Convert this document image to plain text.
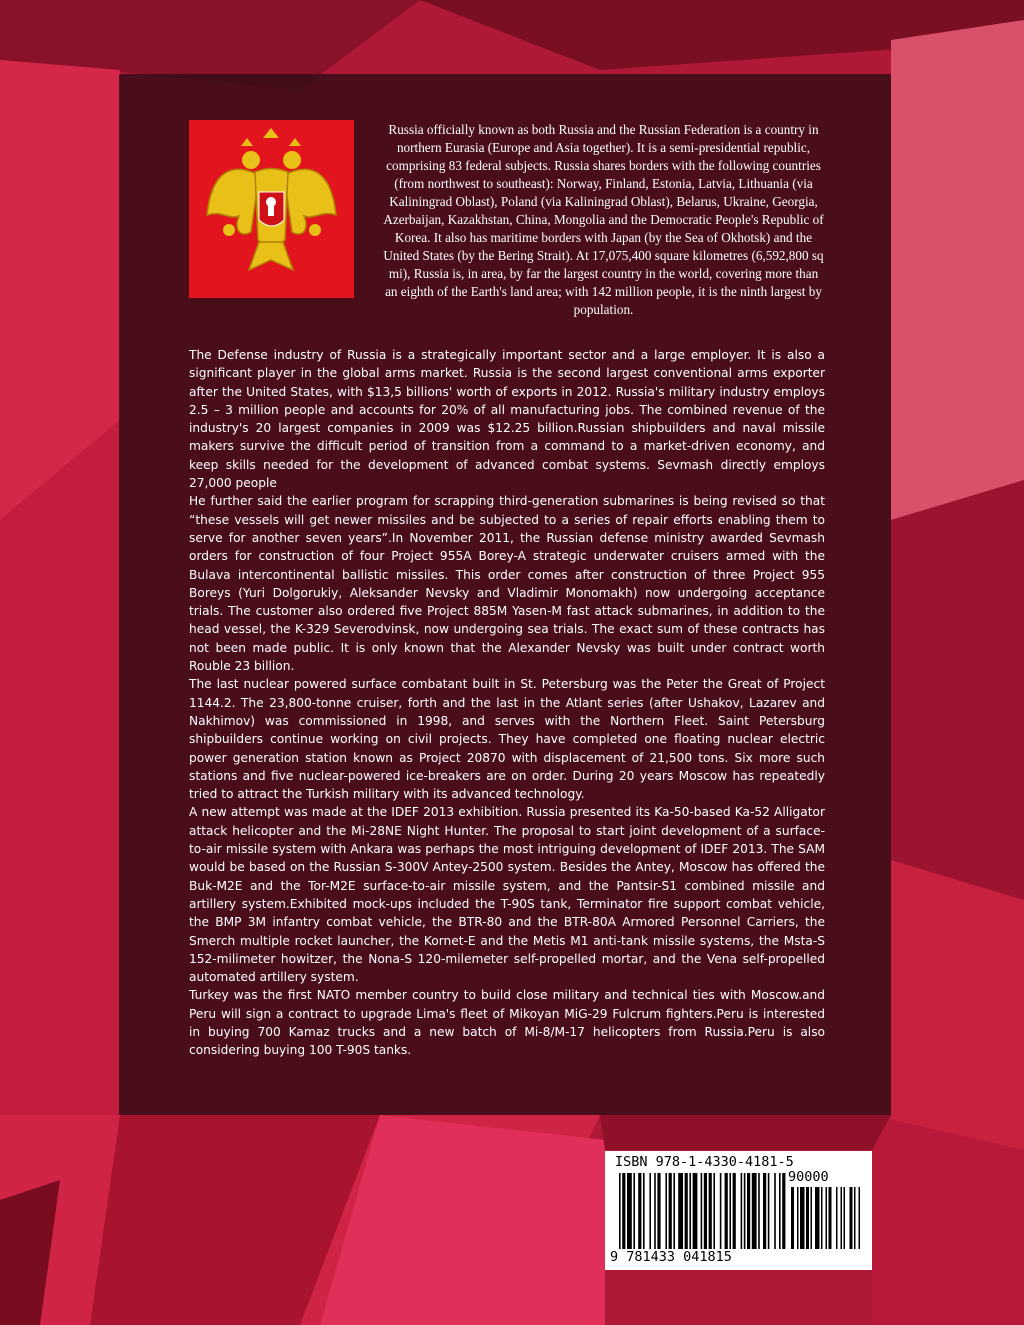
Russia officially known as both Russia and the Russian Federation is a country in northern Eurasia (Europe and Asia together). It is a semi-presidential republic, comprising 83 federal subjects. Russia shares borders with the following countries (from northwest to southeast): Norway, Finland, Estonia, Latvia, Lithuania (via Kaliningrad Oblast), Poland (via Kaliningrad Oblast), Belarus, Ukraine, Georgia, Azerbaijan, Kazakhstan, China, Mongolia and the Democratic People's Republic of Korea. It also has maritime borders with Japan (by the Sea of Okhotsk) and the United States (by the Bering Strait). At 17,075,400 square kilometres (6,592,800 sq mi), Russia is, in area, by far the largest country in the world, covering more than an eighth of the Earth's land area; with 142 million people, it is the ninth largest by population.

The Defense industry of Russia is a strategically important sector and a large employer. It is also a significant player in the global arms market. Russia is the second largest conventional arms exporter after the United States, with $13,5 billions' worth of exports in 2012. Russia's military industry employs 2.5 – 3 million people and accounts for 20% of all manufacturing jobs. The combined revenue of the industry's 20 largest companies in 2009 was $12.25 billion.Russian shipbuilders and naval missile makers survive the difficult period of transition from a command to a market-driven economy, and keep skills needed for the development of advanced combat systems. Sevmash directly employs 27,000 people

He further said the earlier program for scrapping third-generation submarines is being revised so that “these vessels will get newer missiles and be subjected to a series of repair efforts enabling them to serve for another seven years”.In November 2011, the Russian defense ministry awarded Sevmash orders for construction of four Project 955A Borey-A strategic underwater cruisers armed with the Bulava intercontinental ballistic missiles. This order comes after construction of three Project 955 Boreys (Yuri Dolgorukiy, Aleksander Nevsky and Vladimir Monomakh) now undergoing acceptance trials. The customer also ordered five Project 885M Yasen-M fast attack submarines, in addition to the head vessel, the K-329 Severodvinsk, now undergoing sea trials. The exact sum of these contracts has not been made public. It is only known that the Alexander Nevsky was built under contract worth Rouble 23 billion.

The last nuclear powered surface combatant built in St. Petersburg was the Peter the Great of Project 1144.2. The 23,800-tonne cruiser, forth and the last in the Atlant series (after Ushakov, Lazarev and Nakhimov) was commissioned in 1998, and serves with the Northern Fleet. Saint Petersburg shipbuilders continue working on civil projects. They have completed one floating nuclear electric power generation station known as Project 20870 with displacement of 21,500 tons. Six more such stations and five nuclear-powered ice-breakers are on order. During 20 years Moscow has repeatedly tried to attract the Turkish military with its advanced technology.

A new attempt was made at the IDEF 2013 exhibition. Russia presented its Ka-50-based Ka-52 Alligator attack helicopter and the Mi-28NE Night Hunter. The proposal to start joint development of a surface-to-air missile system with Ankara was perhaps the most intriguing development of IDEF 2013. The SAM would be based on the Russian S-300V Antey-2500 system. Besides the Antey, Moscow has offered the Buk-M2E and the Tor-M2E surface-to-air missile system, and the Pantsir-S1 combined missile and artillery system.Exhibited mock-ups included the T-90S tank, Terminator fire support combat vehicle, the BMP 3M infantry combat vehicle, the BTR-80 and the BTR-80A Armored Personnel Carriers, the Smerch multiple rocket launcher, the Kornet-E and the Metis M1 anti-tank missile systems, the Msta-S 152-milimeter howitzer, the Nona-S 120-milemeter self-propelled mortar, and the Vena self-propelled automated artillery system.

Turkey was the first NATO member country to build close military and technical ties with Moscow.and Peru will sign a contract to upgrade Lima's fleet of Mikoyan MiG-29 Fulcrum fighters.Peru is interested in buying 700 Kamaz trucks and a new batch of Mi-8/M-17 helicopters from Russia.Peru is also considering buying 100 T-90S tanks.

ISBN 978-1-4330-4181-5

90000

9 781433 041815
